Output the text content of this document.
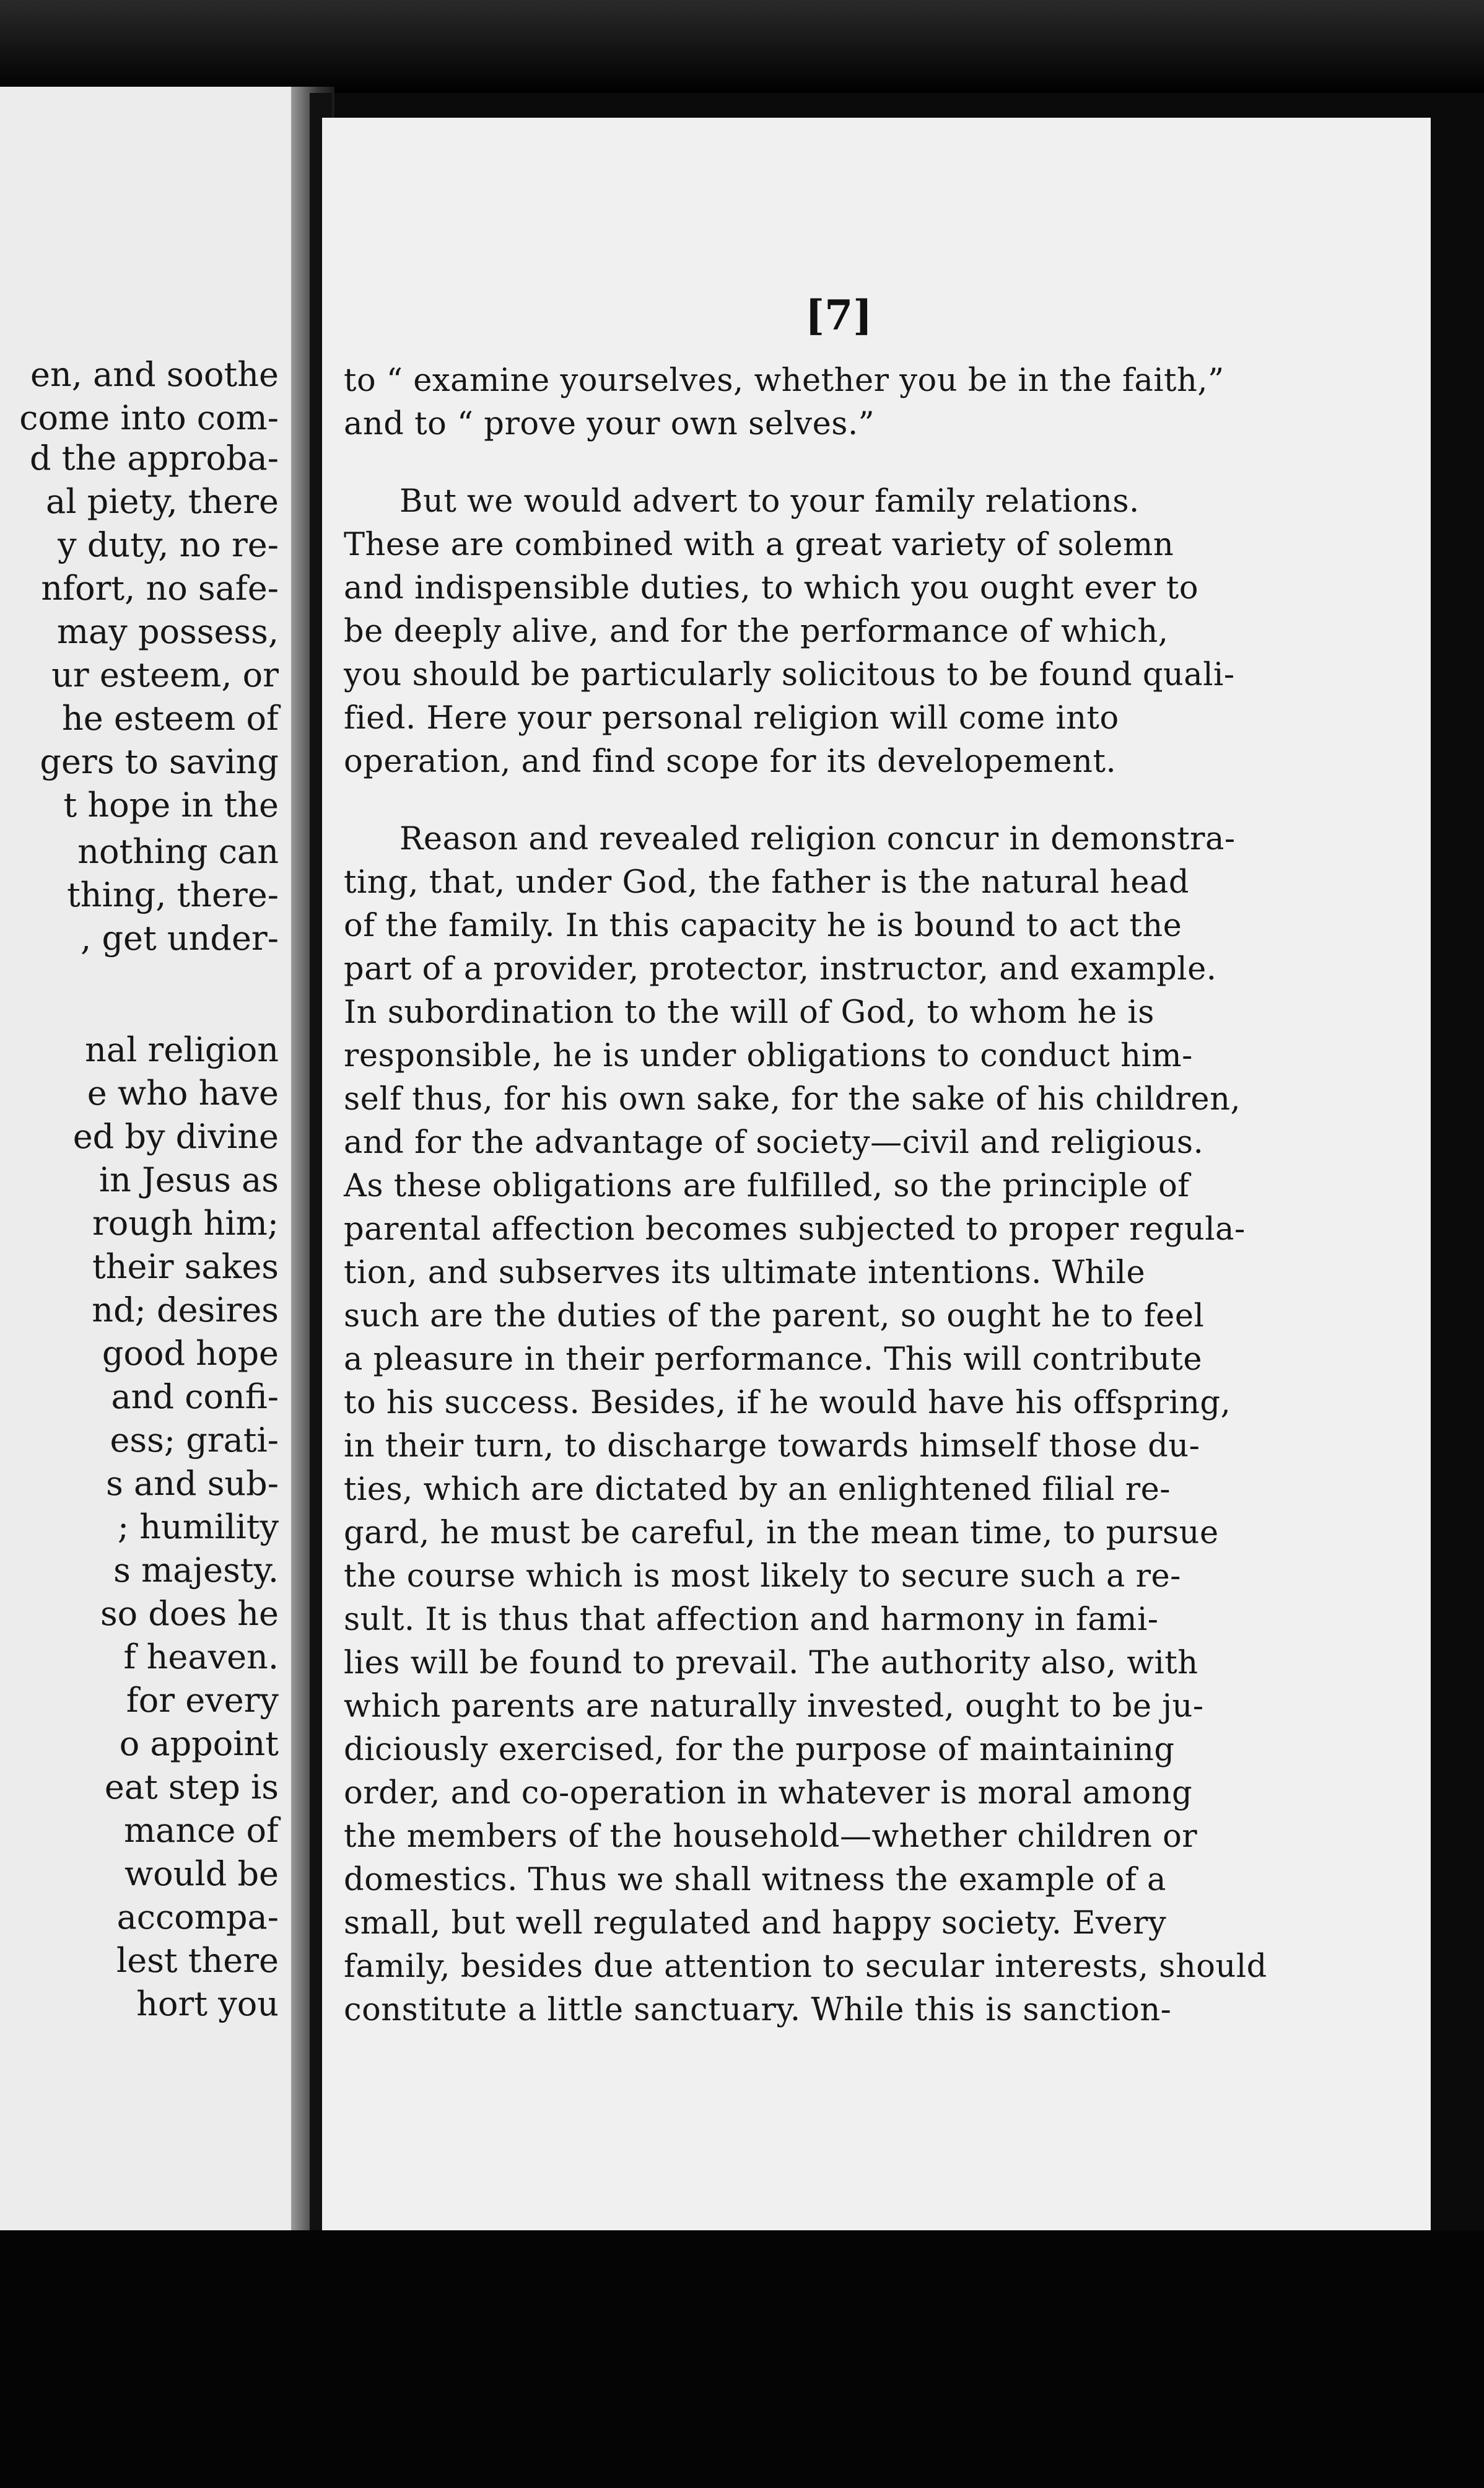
[7]
en, and soothe
come into com-
d the approba-
al piety, there
y duty, no re-
nfort, no safe-
may possess,
ur esteem, or
he esteem of
gers to saving
t hope in the
nothing can
thing, there-
, get under-
nal religion
e who have
ed by divine
in Jesus as
rough him;
their sakes
nd; desires
good hope
and confi-
ess; grati-
s and sub-
; humility
s majesty.
so does he
f heaven.
for every
o appoint
eat step is
mance of
would be
accompa-
lest there
hort you
to “ examine yourselves, whether you be in the faith,”
and to “ prove your own selves.”
But we would advert to your family relations.
These are combined with a great variety of solemn
and indispensible duties, to which you ought ever to
be deeply alive, and for the performance of which,
you should be particularly solicitous to be found quali-
fied. Here your personal religion will come into
operation, and find scope for its developement.
Reason and revealed religion concur in demonstra-
ting, that, under God, the father is the natural head
of the family. In this capacity he is bound to act the
part of a provider, protector, instructor, and example.
In subordination to the will of God, to whom he is
responsible, he is under obligations to conduct him-
self thus, for his own sake, for the sake of his children,
and for the advantage of society—civil and religious.
As these obligations are fulfilled, so the principle of
parental affection becomes subjected to proper regula-
tion, and subserves its ultimate intentions. While
such are the duties of the parent, so ought he to feel
a pleasure in their performance. This will contribute
to his success. Besides, if he would have his offspring,
in their turn, to discharge towards himself those du-
ties, which are dictated by an enlightened filial re-
gard, he must be careful, in the mean time, to pursue
the course which is most likely to secure such a re-
sult. It is thus that affection and harmony in fami-
lies will be found to prevail. The authority also, with
which parents are naturally invested, ought to be ju-
diciously exercised, for the purpose of maintaining
order, and co-operation in whatever is moral among
the members of the household—whether children or
domestics. Thus we shall witness the example of a
small, but well regulated and happy society. Every
family, besides due attention to secular interests, should
constitute a little sanctuary. While this is sanction-
